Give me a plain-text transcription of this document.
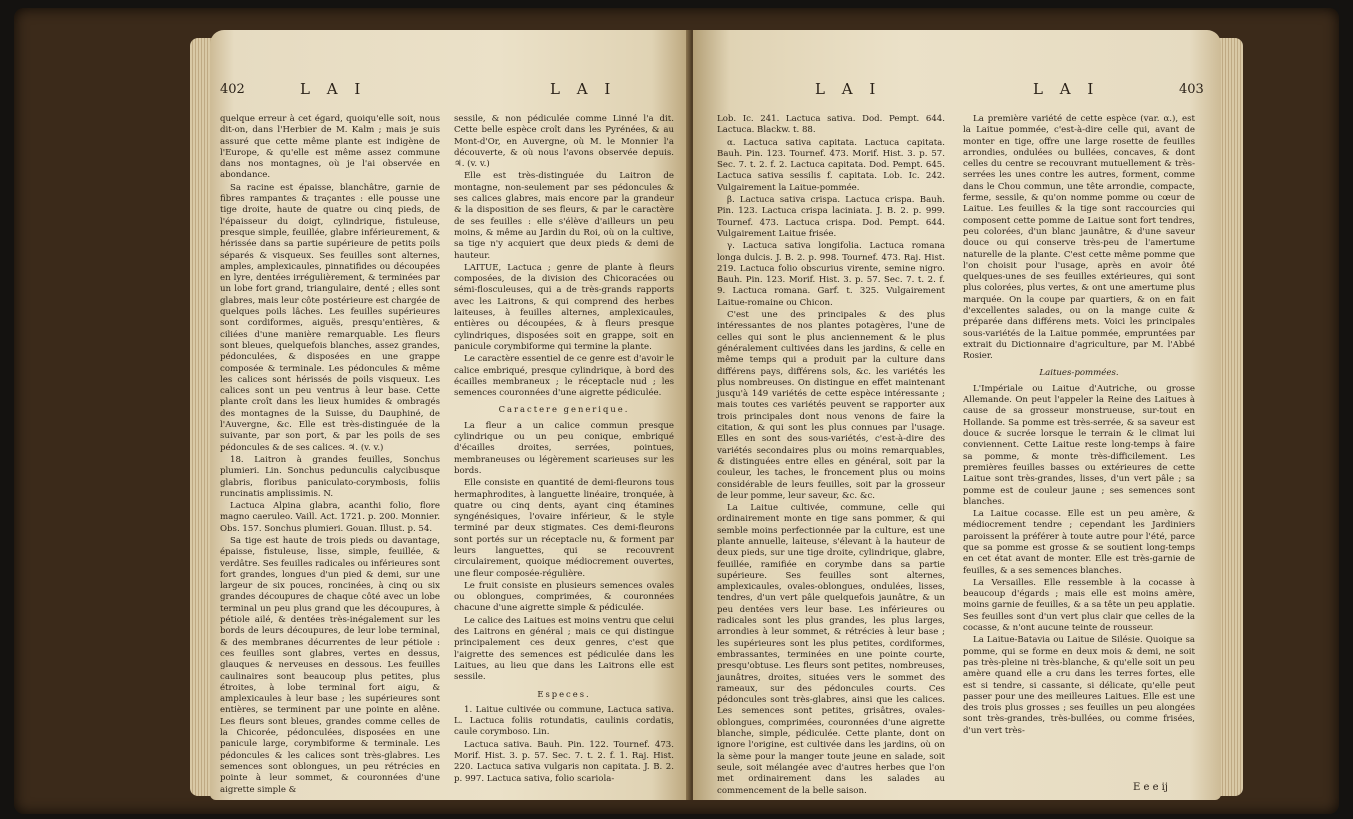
402	L A I	L A I

quelque erreur à cet égard, quoiqu'elle soit, nous dit-on, dans l'Herbier de M. Kalm ; mais je suis assuré que cette même plante est indigène de l'Europe, & qu'elle est même assez commune dans nos montagnes, où je l'ai observée en abondance.

Sa racine est épaisse, blanchâtre, garnie de fibres rampantes & traçantes : elle pousse une tige droite, haute de quatre ou cinq pieds, de l'épaisseur du doigt, cylindrique, fistuleuse, presque simple, feuillée, glabre inférieurement, & hérissée dans sa partie supérieure de petits poils séparés & visqueux. Ses feuilles sont alternes, amples, amplexicaules, pinnatifides ou découpées en lyre, dentées irrégulièrement, & terminées par un lobe fort grand, triangulaire, denté ; elles sont glabres, mais leur côte postérieure est chargée de quelques poils lâches. Les feuilles supérieures sont cordiformes, aiguës, presqu'entières, & ciliées d'une manière remarquable. Les fleurs sont bleues, quelquefois blanches, assez grandes, pédonculées, & disposées en une grappe composée & terminale. Les pédoncules & même les calices sont hérissés de poils visqueux. Les calices sont un peu ventrus à leur base. Cette plante croît dans les lieux humides & ombragés des montagnes de la Suisse, du Dauphiné, de l'Auvergne, &c. Elle est très-distinguée de la suivante, par son port, & par les poils de ses pédoncules & de ses calices. ♃. (v. v.)

18. Laitron à grandes feuilles, Sonchus plumieri. Lin. Sonchus pedunculis calycibusque glabris, floribus paniculato-corymbosis, foliis runcinatis amplissimis. N.

Lactuca Alpina glabra, acanthi folio, flore magno caeruleo. Vaill. Act. 1721. p. 200. Monnier. Obs. 157. Sonchus plumieri. Gouan. Illust. p. 54.

Sa tige est haute de trois pieds ou davantage, épaisse, fistuleuse, lisse, simple, feuillée, & verdâtre. Ses feuilles radicales ou inférieures sont fort grandes, longues d'un pied & demi, sur une largeur de six pouces, roncinées, à cinq ou six grandes découpures de chaque côté avec un lobe terminal un peu plus grand que les découpures, à pétiole ailé, & dentées très-inégalement sur les bords de leurs découpures, de leur lobe terminal, & des membranes décurrentes de leur pétiole : ces feuilles sont glabres, vertes en dessus, glauques & nerveuses en dessous. Les feuilles caulinaires sont beaucoup plus petites, plus étroites, à lobe terminal fort aigu, & amplexicaules à leur base ; les supérieures sont entières, se terminent par une pointe en alêne. Les fleurs sont bleues, grandes comme celles de la Chicorée, pédonculées, disposées en une panicule large, corymbiforme & terminale. Les pédoncules & les calices sont très-glabres. Les semences sont oblongues, un peu rétrécies en pointe à leur sommet, & couronnées d'une aigrette simple &

sessile, & non pédiculée comme Linné l'a dit. Cette belle espèce croît dans les Pyrénées, & au Mont-d'Or, en Auvergne, où M. le Monnier l'a découverte, & où nous l'avons observée depuis. ♃. (v. v.)

Elle est très-distinguée du Laitron de montagne, non-seulement par ses pédoncules & ses calices glabres, mais encore par la grandeur & la disposition de ses fleurs, & par le caractère de ses feuilles : elle s'élève d'ailleurs un peu moins, & même au Jardin du Roi, où on la cultive, sa tige n'y acquiert que deux pieds & demi de hauteur.

LAITUE, Lactuca ; genre de plante à fleurs composées, de la division des Chicoracées ou sémi-flosculeuses, qui a de très-grands rapports avec les Laitrons, & qui comprend des herbes laiteuses, à feuilles alternes, amplexicaules, entières ou découpées, & à fleurs presque cylindriques, disposées soit en grappe, soit en panicule corymbiforme qui termine la plante.

Le caractère essentiel de ce genre est d'avoir le calice embriqué, presque cylindrique, à bord des écailles membraneux ; le réceptacle nud ; les semences couronnées d'une aigrette pédiculée.

Caractere generique.

La fleur a un calice commun presque cylindrique ou un peu conique, embriqué d'écailles droites, serrées, pointues, membraneuses ou légèrement scarieuses sur les bords.

Elle consiste en quantité de demi-fleurons tous hermaphrodites, à languette linéaire, tronquée, à quatre ou cinq dents, ayant cinq étamines syngénésiques, l'ovaire inférieur, & le style terminé par deux stigmates. Ces demi-fleurons sont portés sur un réceptacle nu, & forment par leurs languettes, qui se recouvrent circulairement, quoique médiocrement ouvertes, une fleur composée-régulière.

Le fruit consiste en plusieurs semences ovales ou oblongues, comprimées, & couronnées chacune d'une aigrette simple & pédiculée.

Le calice des Laitues est moins ventru que celui des Laitrons en général ; mais ce qui distingue principalement ces deux genres, c'est que l'aigrette des semences est pédiculée dans les Laitues, au lieu que dans les Laitrons elle est sessile.

Especes.

1. Laitue cultivée ou commune, Lactuca sativa. L. Lactuca foliis rotundatis, caulinis cordatis, caule corymboso. Lin.

Lactuca sativa. Bauh. Pin. 122. Tournef. 473. Morif. Hist. 3. p. 57. Sec. 7. t. 2. f. 1. Raj. Hist. 220. Lactuca sativa vulgaris non capitata. J. B. 2. p. 997. Lactuca sativa, folio scariola-

L A I	L A I	403

Lob. Ic. 241. Lactuca sativa. Dod. Pempt. 644. Lactuca. Blackw. t. 88.

α. Lactuca sativa capitata. Lactuca capitata. Bauh. Pin. 123. Tournef. 473. Morif. Hist. 3. p. 57. Sec. 7. t. 2. f. 2. Lactuca capitata. Dod. Pempt. 645. Lactuca sativa sessilis f. capitata. Lob. Ic. 242. Vulgairement la Laitue-pommée.

β. Lactuca sativa crispa. Lactuca crispa. Bauh. Pin. 123. Lactuca crispa laciniata. J. B. 2. p. 999. Tournef. 473. Lactuca crispa. Dod. Pempt. 644. Vulgairement Laitue frisée.

γ. Lactuca sativa longifolia. Lactuca romana longa dulcis. J. B. 2. p. 998. Tournef. 473. Raj. Hist. 219. Lactuca folio obscurius virente, semine nigro. Bauh. Pin. 123. Morif. Hist. 3. p. 57. Sec. 7. t. 2. f. 9. Lactuca romana. Garf. t. 325. Vulgairement Laitue-romaine ou Chicon.

C'est une des principales & des plus intéressantes de nos plantes potagères, l'une de celles qui sont le plus anciennement & le plus généralement cultivées dans les jardins, & celle en même temps qui a produit par la culture dans différens pays, différens sols, &c. les variétés les plus nombreuses. On distingue en effet maintenant jusqu'à 149 variétés de cette espèce intéressante ; mais toutes ces variétés peuvent se rapporter aux trois principales dont nous venons de faire la citation, & qui sont les plus connues par l'usage. Elles en sont des sous-variétés, c'est-à-dire des variétés secondaires plus ou moins remarquables, & distinguées entre elles en général, soit par la couleur, les taches, le froncement plus ou moins considérable de leurs feuilles, soit par la grosseur de leur pomme, leur saveur, &c. &c.

La Laitue cultivée, commune, celle qui ordinairement monte en tige sans pommer, & qui semble moins perfectionnée par la culture, est une plante annuelle, laiteuse, s'élevant à la hauteur de deux pieds, sur une tige droite, cylindrique, glabre, feuillée, ramifiée en corymbe dans sa partie supérieure. Ses feuilles sont alternes, amplexicaules, ovales-oblongues, ondulées, lisses, tendres, d'un vert pâle quelquefois jaunâtre, & un peu dentées vers leur base. Les inférieures ou radicales sont les plus grandes, les plus larges, arrondies à leur sommet, & rétrécies à leur base ; les supérieures sont les plus petites, cordiformes, embrassantes, terminées en une pointe courte, presqu'obtuse. Les fleurs sont petites, nombreuses, jaunâtres, droites, situées vers le sommet des rameaux, sur des pédoncules courts. Ces pédoncules sont très-glabres, ainsi que les calices. Les semences sont petites, grisâtres, ovales-oblongues, comprimées, couronnées d'une aigrette blanche, simple, pédiculée. Cette plante, dont on ignore l'origine, est cultivée dans les jardins, où on la sème pour la manger toute jeune en salade, soit seule, soit mélangée avec d'autres herbes que l'on met ordinairement dans les salades au commencement de la belle saison.

La première variété de cette espèce (var. α.), est la Laitue pommée, c'est-à-dire celle qui, avant de monter en tige, offre une large rosette de feuilles arrondies, ondulées ou bullées, concaves, & dont celles du centre se recouvrant mutuellement & très-serrées les unes contre les autres, forment, comme dans le Chou commun, une tête arrondie, compacte, ferme, sessile, & qu'on nomme pomme ou cœur de Laitue. Les feuilles & la tige sont raccourcies qui composent cette pomme de Laitue sont fort tendres, peu colorées, d'un blanc jaunâtre, & d'une saveur douce ou qui conserve très-peu de l'amertume naturelle de la plante. C'est cette même pomme que l'on choisit pour l'usage, après en avoir ôté quelques-unes de ses feuilles extérieures, qui sont plus colorées, plus vertes, & ont une amertume plus marquée. On la coupe par quartiers, & on en fait d'excellentes salades, ou on la mange cuite & préparée dans différens mets. Voici les principales sous-variétés de la Laitue pommée, empruntées par extrait du Dictionnaire d'agriculture, par M. l'Abbé Rosier.

Laitues-pommées.

L'Impériale ou Laitue d'Autriche, ou grosse Allemande. On peut l'appeler la Reine des Laitues à cause de sa grosseur monstrueuse, sur-tout en Hollande. Sa pomme est très-serrée, & sa saveur est douce & sucrée lorsque le terrain & le climat lui conviennent. Cette Laitue reste long-temps à faire sa pomme, & monte très-difficilement. Les premières feuilles basses ou extérieures de cette Laitue sont très-grandes, lisses, d'un vert pâle ; sa pomme est de couleur jaune ; ses semences sont blanches.

La Laitue cocasse. Elle est un peu amère, & médiocrement tendre ; cependant les Jardiniers paroissent la préférer à toute autre pour l'été, parce que sa pomme est grosse & se soutient long-temps en cet état avant de monter. Elle est très-garnie de feuilles, & a ses semences blanches.

La Versailles. Elle ressemble à la cocasse à beaucoup d'égards ; mais elle est moins amère, moins garnie de feuilles, & a sa tête un peu applatie. Ses feuilles sont d'un vert plus clair que celles de la cocasse, & n'ont aucune teinte de rousseur.

La Laitue-Batavia ou Laitue de Silésie. Quoique sa pomme, qui se forme en deux mois & demi, ne soit pas très-pleine ni très-blanche, & qu'elle soit un peu amère quand elle a cru dans les terres fortes, elle est si tendre, si cassante, si délicate, qu'elle peut passer pour une des meilleures Laitues. Elle est une des trois plus grosses ; ses feuilles un peu alongées sont très-grandes, très-bullées, ou comme frisées, d'un vert très-

E e e ij
